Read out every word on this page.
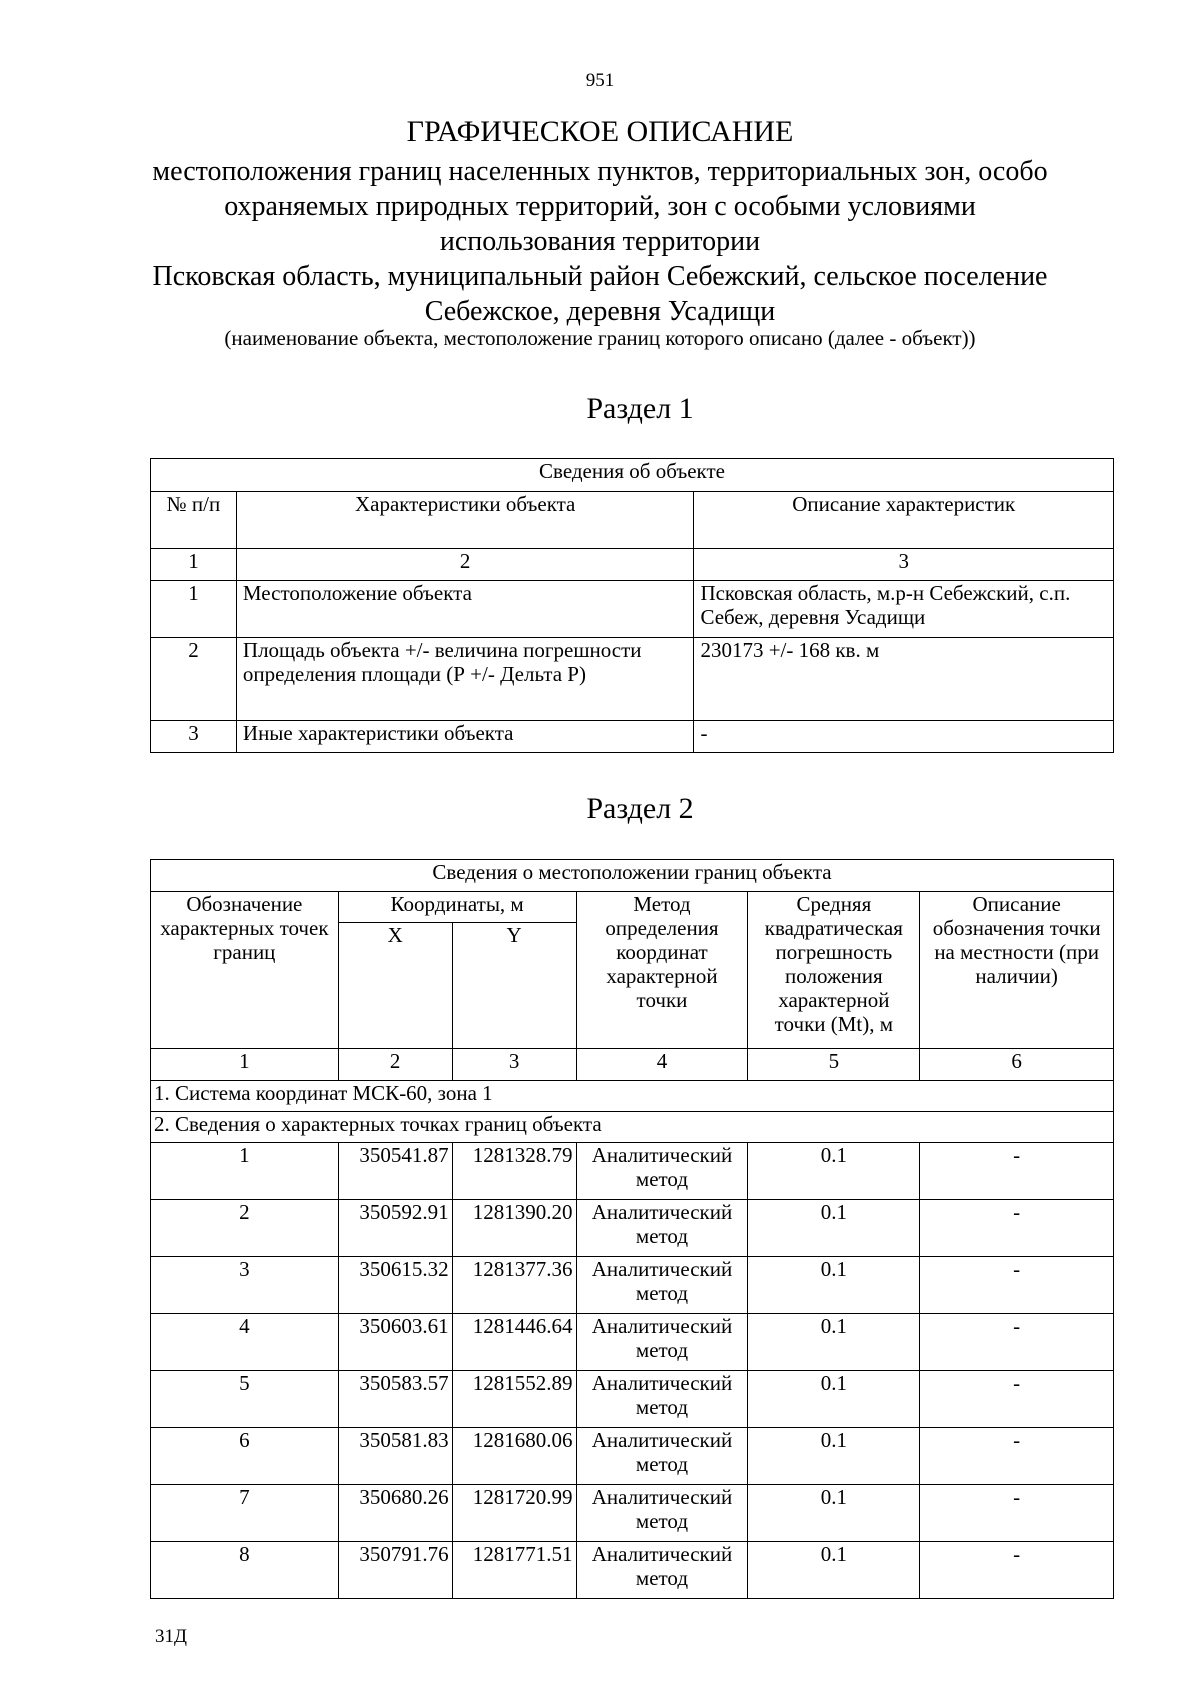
951
ГРАФИЧЕСКОЕ ОПИСАНИЕ
местоположения границ населенных пунктов, территориальных зон, особо
охраняемых природных территорий, зон с особыми условиями
использования территории
Псковская область, муниципальный район Себежский, сельское поселение
Себежское, деревня Усадищи
(наименование объекта, местоположение границ которого описано (далее - объект))
Раздел 1
Сведения об объекте		
№ п/п	Характеристики объекта	Описание характеристик
1	2	3
1	Местоположение объекта	Псковская область, м.р-н Себежский, с.п. Себеж, деревня Усадищи
2	Площадь объекта +/- величина погрешности определения площади (Р +/- Дельта Р)	230173 +/- 168 кв. м
3	Иные характеристики объекта	-
Раздел 2
Сведения о местоположении границ объекта					
Обозначение характерных точек границ	Координаты, м		Метод определения координат характерной точки	Средняя квадратическая погрешность положения характерной точки (Mt), м	Описание обозначения точки на местности (при наличии)
	X	Y			
1	2	3	4	5	6
1. Система координат МСК-60, зона 1					
2. Сведения о характерных точках границ объекта					
1	350541.87	1281328.79	Аналитический метод	0.1	-
2	350592.91	1281390.20	Аналитический метод	0.1	-
3	350615.32	1281377.36	Аналитический метод	0.1	-
4	350603.61	1281446.64	Аналитический метод	0.1	-
5	350583.57	1281552.89	Аналитический метод	0.1	-
6	350581.83	1281680.06	Аналитический метод	0.1	-
7	350680.26	1281720.99	Аналитический метод	0.1	-
8	350791.76	1281771.51	Аналитический метод	0.1	-
31Д
